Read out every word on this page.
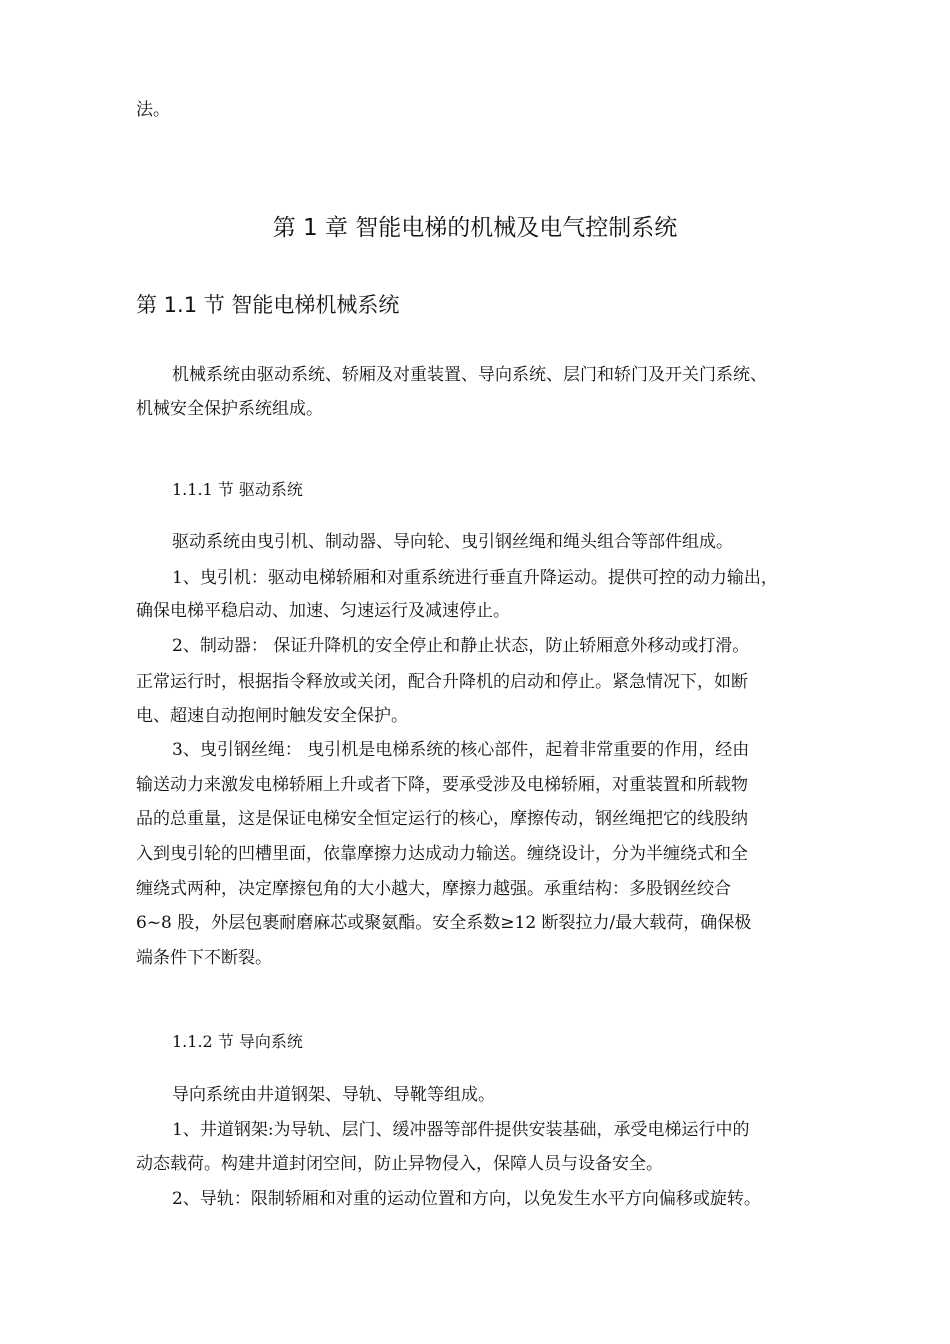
法。
第 1 章 智能电梯的机械及电气控制系统
第 1.1 节 智能电梯机械系统
机械系统由驱动系统、轿厢及对重装置、导向系统、层门和轿门及开关门系统、
机械安全保护系统组成。
1.1.1 节 驱动系统
驱动系统由曳引机、制动器、导向轮、曳引钢丝绳和绳头组合等部件组成。
1、曳引机：驱动电梯轿厢和对重系统进行垂直升降运动。提供可控的动力输出，
确保电梯平稳启动、加速、匀速运行及减速停止。
2、制动器： 保证升降机的安全停止和静止状态，防止轿厢意外移动或打滑。
正常运行时，根据指令释放或关闭，配合升降机的启动和停止。紧急情况下，如断
电、超速自动抱闸时触发安全保护。
3、曳引钢丝绳： 曳引机是电梯系统的核心部件，起着非常重要的作用，经由
输送动力来激发电梯轿厢上升或者下降，要承受涉及电梯轿厢，对重装置和所载物
品的总重量，这是保证电梯安全恒定运行的核心，摩擦传动，钢丝绳把它的线股纳
入到曳引轮的凹槽里面，依靠摩擦力达成动力输送。缠绕设计，分为半缠绕式和全
缠绕式两种，决定摩擦包角的大小越大，摩擦力越强。承重结构：多股钢丝绞合
6~8 股，外层包裹耐磨麻芯或聚氨酯。安全系数≥12 断裂拉力/最大载荷，确保极
端条件下不断裂。
1.1.2 节 导向系统
导向系统由井道钢架、导轨、导靴等组成。
1、井道钢架:为导轨、层门、缓冲器等部件提供安装基础，承受电梯运行中的
动态载荷。构建井道封闭空间，防止异物侵入，保障人员与设备安全。
2、导轨：限制轿厢和对重的运动位置和方向，以免发生水平方向偏移或旋转。
